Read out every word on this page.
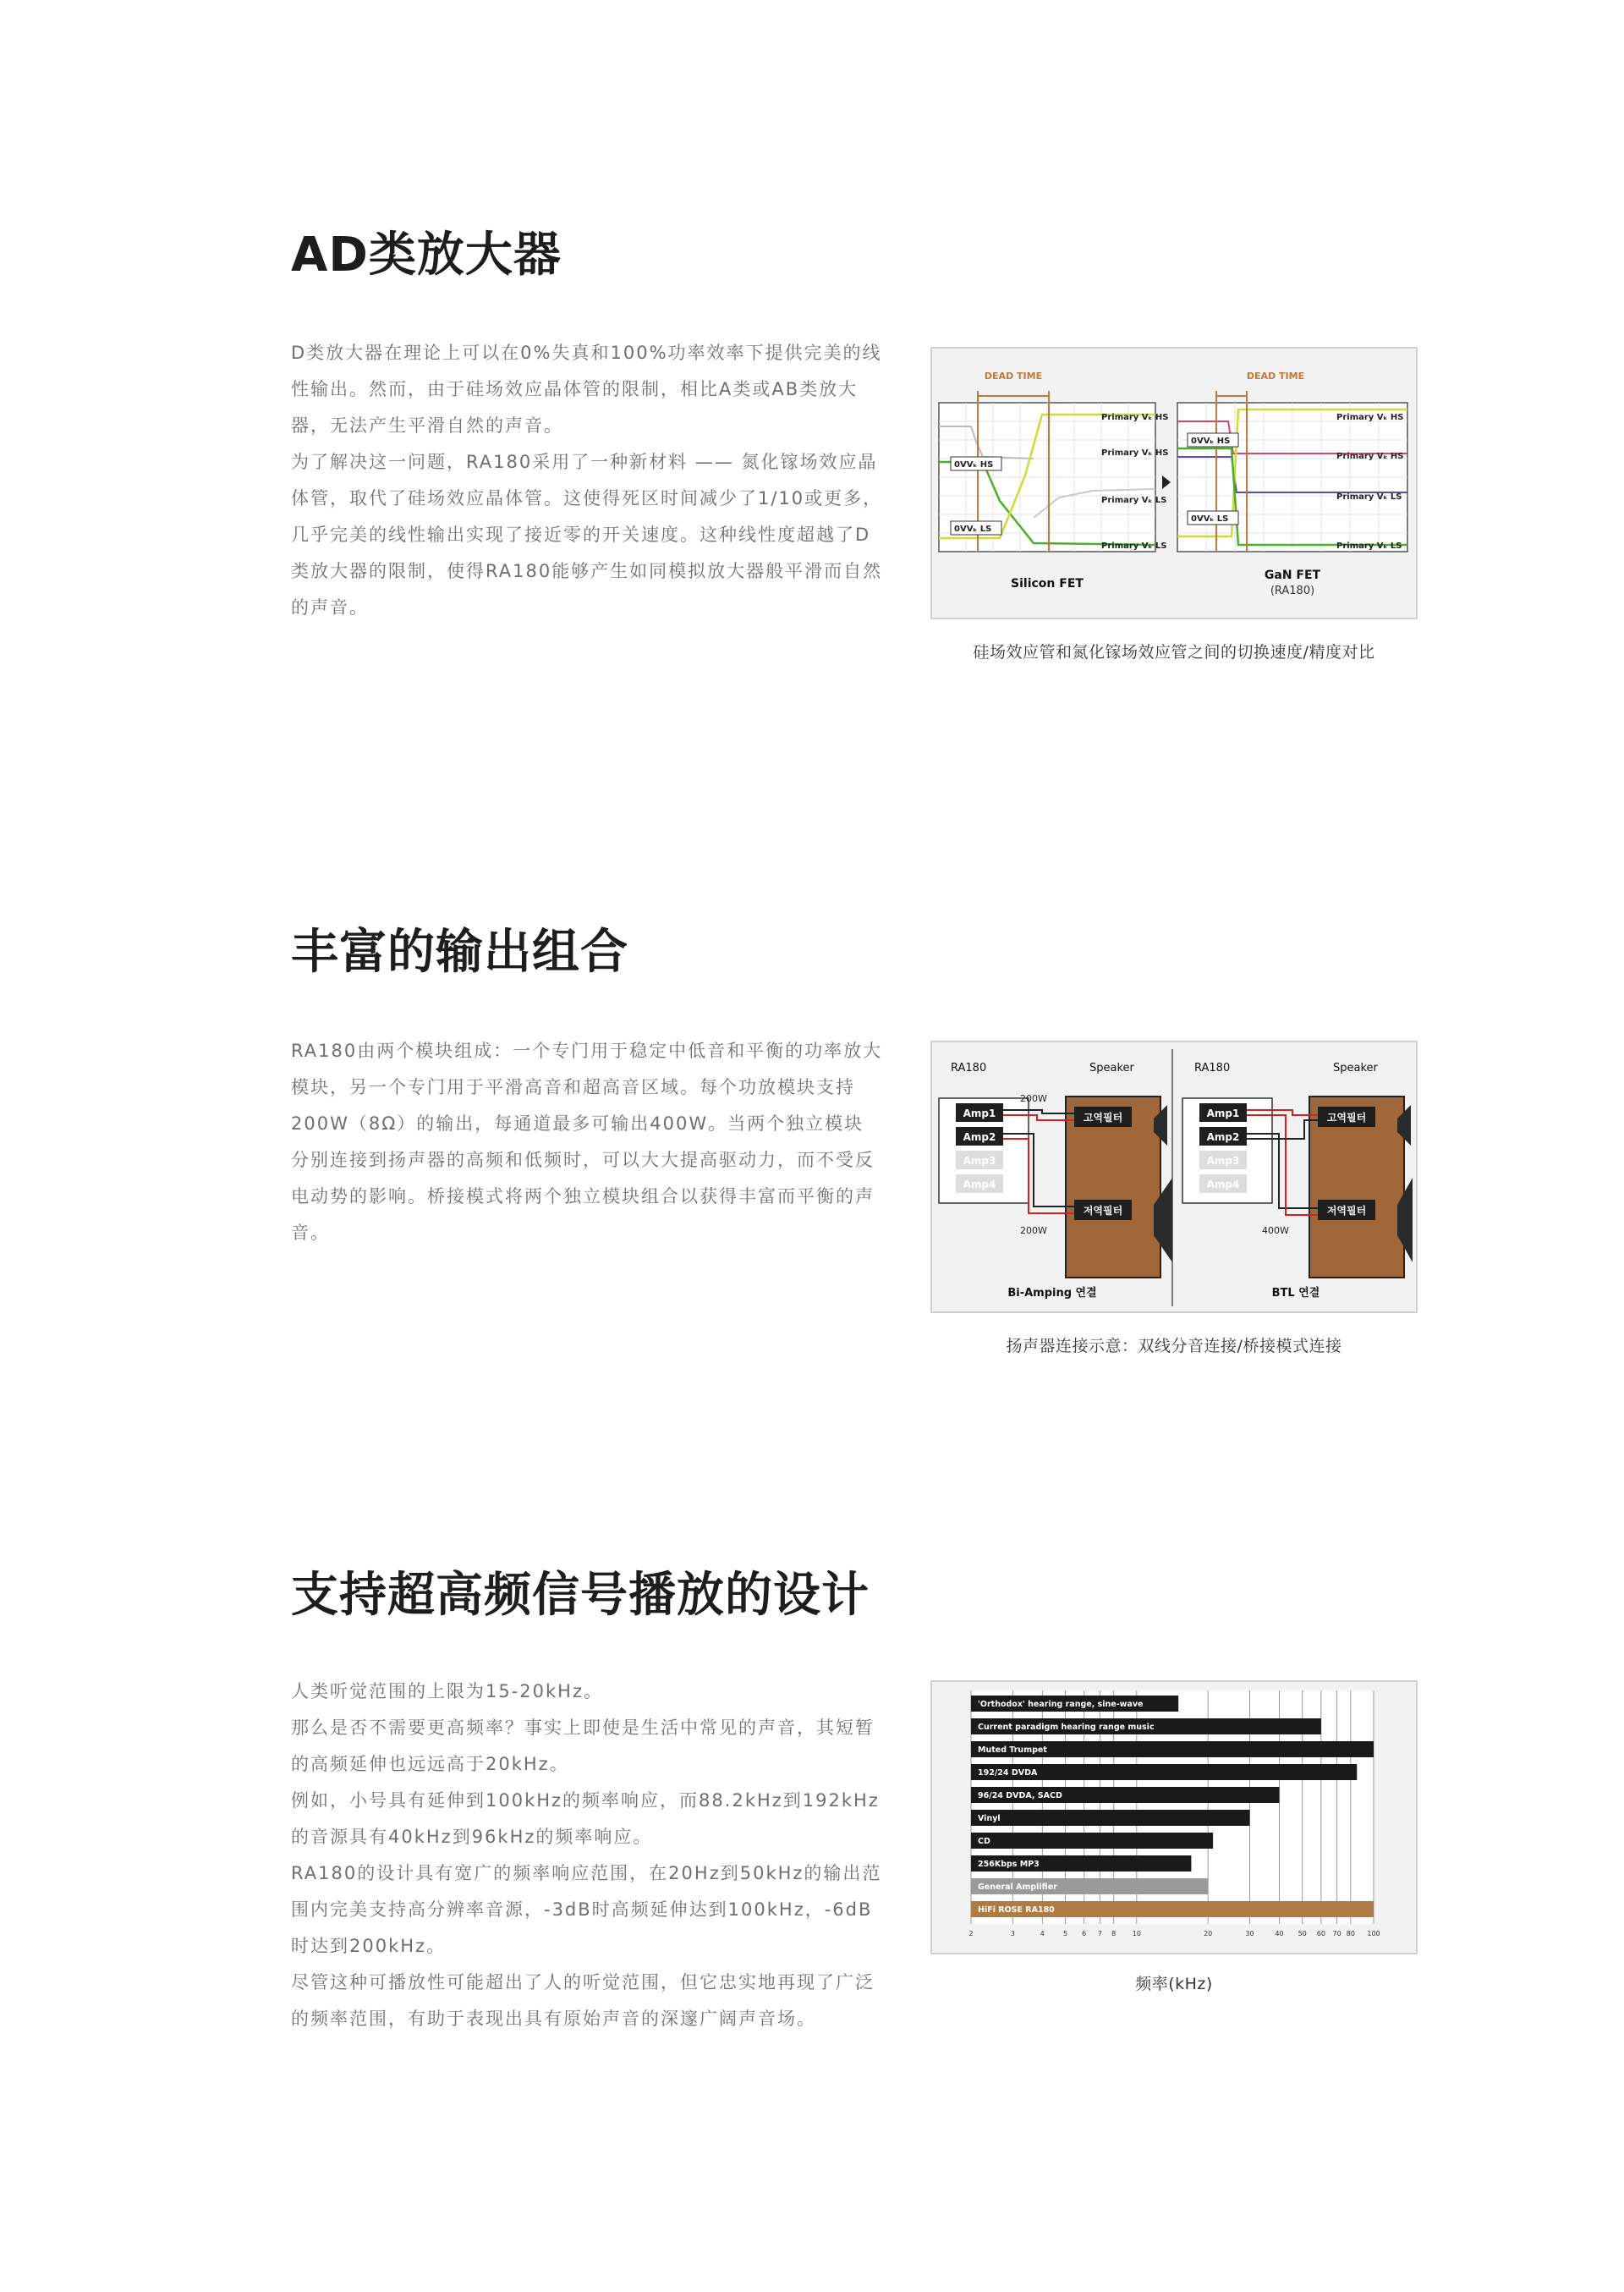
AD类放大器

D类放大器在理论上可以在0%失真和100%功率效率下提供完美的线性输出。然而，由于硅场效应晶体管的限制，相比A类或AB类放大器，无法产生平滑自然的声音。

为了解决这一问题，RA180采用了一种新材料 —— 氮化镓场效应晶体管，取代了硅场效应晶体管。这使得死区时间减少了1/10或更多，几乎完美的线性输出实现了接近零的开关速度。这种线性度超越了D类放大器的限制，使得RA180能够产生如同模拟放大器般平滑而自然的声音。

DEAD TIME	DEAD TIME
Primary Vₖ HS
Primary Vₖ HS
Primary Vₖ LS
Primary Vₖ LS
0VVₖ HS
0VVₖ LS
Primary Vₖ HS
Primary Vₖ HS
Primary Vₖ LS
Primary Vₖ LS
0VVₖ HS
0VVₖ LS
Silicon FET
GaN FET
(RA180)
硅场效应管和氮化镓场效应管之间的切换速度/精度对比
丰富的输出组合

RA180由两个模块组成：一个专门用于稳定中低音和平衡的功率放大模块，另一个专门用于平滑高音和超高音区域。每个功放模块支持200W（8Ω）的输出，每通道最多可输出400W。当两个独立模块分别连接到扬声器的高频和低频时，可以大大提高驱动力，而不受反电动势的影响。桥接模式将两个独立模块组合以获得丰富而平衡的声音。

RA180	Speaker
Amp1
Amp2
Amp3
Amp4
고역필터
저역필터
200W
200W
Bi-Amping 연결
RA180	Speaker
Amp1
Amp2
Amp3
Amp4
고역필터
저역필터
400W
BTL 연결
扬声器连接示意：双线分音连接/桥接模式连接
支持超高频信号播放的设计

人类听觉范围的上限为15-20kHz。

那么是否不需要更高频率？事实上即使是生活中常见的声音，其短暂的高频延伸也远远高于20kHz。

例如，小号具有延伸到100kHz的频率响应，而88.2kHz到192kHz的音源具有40kHz到96kHz的频率响应。

RA180的设计具有宽广的频率响应范围，在20Hz到50kHz的输出范围内完美支持高分辨率音源，-3dB时高频延伸达到100kHz，-6dB时达到200kHz。

尽管这种可播放性可能超出了人的听觉范围，但它忠实地再现了广泛的频率范围，有助于表现出具有原始声音的深邃广阔声音场。

2	3	4	5 6 7 8 10	20	30	40 50 60 70 80 100
'Orthodox' hearing range, sine-wave
Current paradigm hearing range music
Muted Trumpet
192/24 DVDA
96/24 DVDA, SACD
Vinyl
CD
256Kbps MP3
General Amplifier
HiFi ROSE RA180
频率(kHz)
